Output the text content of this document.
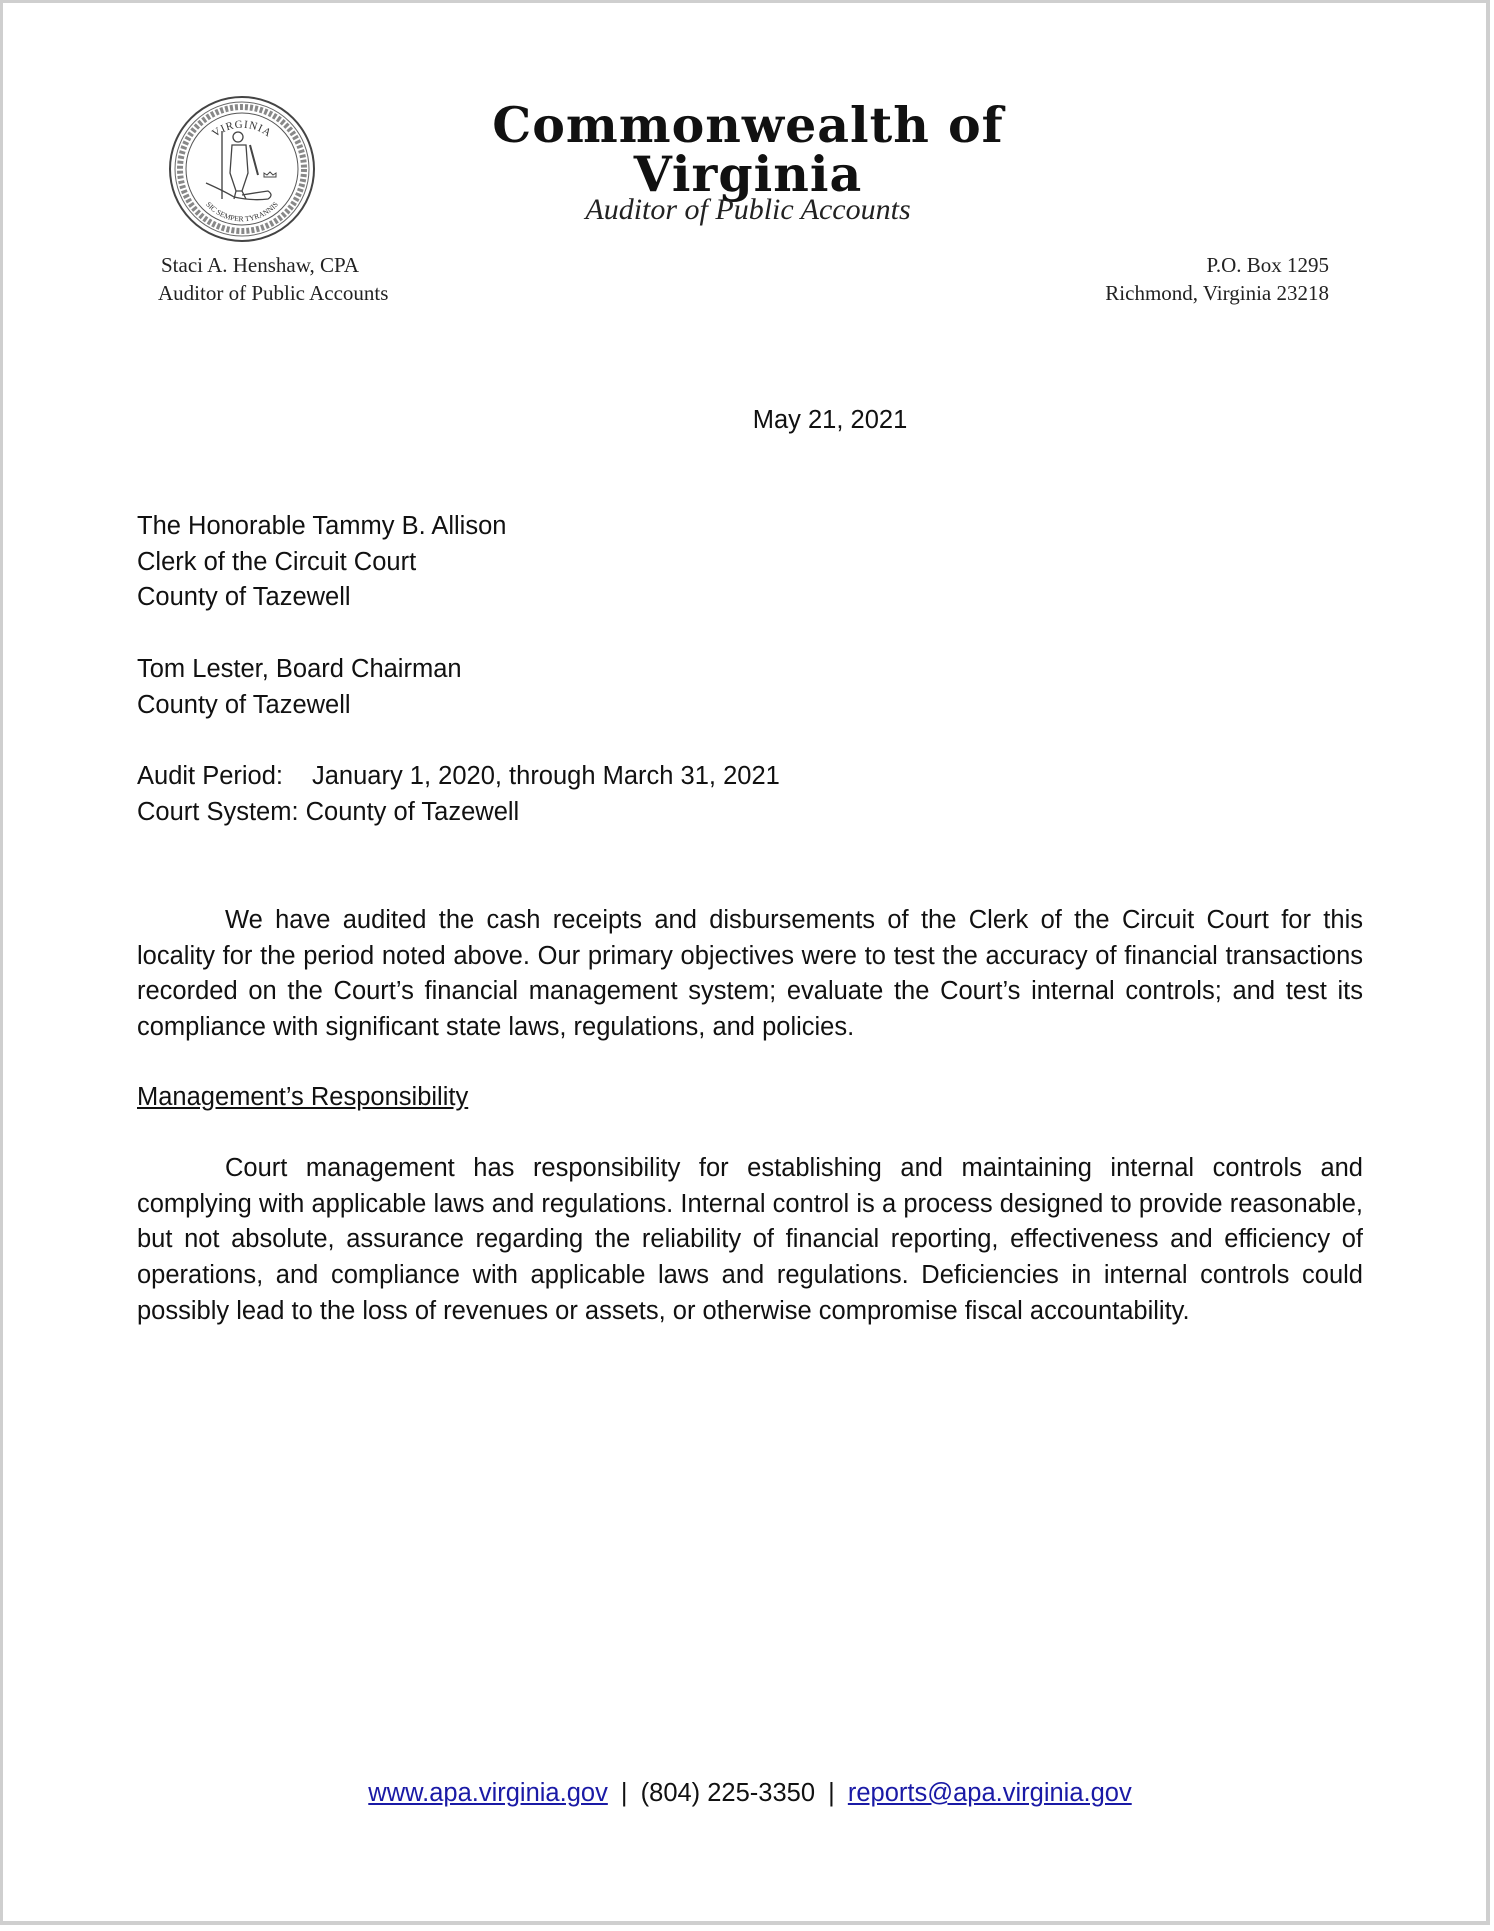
VIRGINIA
SIC SEMPER TYRANNIS
Commonwealth of Virginia
Auditor of Public Accounts
Staci A. Henshaw, CPA
Auditor of Public Accounts
P.O. Box 1295
Richmond, Virginia 23218
May 21, 2021
The Honorable Tammy B. Allison
Clerk of the Circuit Court
County of Tazewell
Tom Lester, Board Chairman
County of Tazewell
Audit Period: January 1, 2020, through March 31, 2021
Court System: County of Tazewell

We have audited the cash receipts and disbursements of the Clerk of the Circuit Court for this locality for the period noted above. Our primary objectives were to test the accuracy of financial transactions recorded on the Court’s financial management system; evaluate the Court’s internal controls; and test its compliance with significant state laws, regulations, and policies.

Management’s Responsibility

Court management has responsibility for establishing and maintaining internal controls and complying with applicable laws and regulations. Internal control is a process designed to provide reasonable, but not absolute, assurance regarding the reliability of financial reporting, effectiveness and efficiency of operations, and compliance with applicable laws and regulations. Deficiencies in internal controls could possibly lead to the loss of revenues or assets, or otherwise compromise fiscal accountability.

www.apa.virginia.gov | (804) 225-3350 | reports@apa.virginia.gov
